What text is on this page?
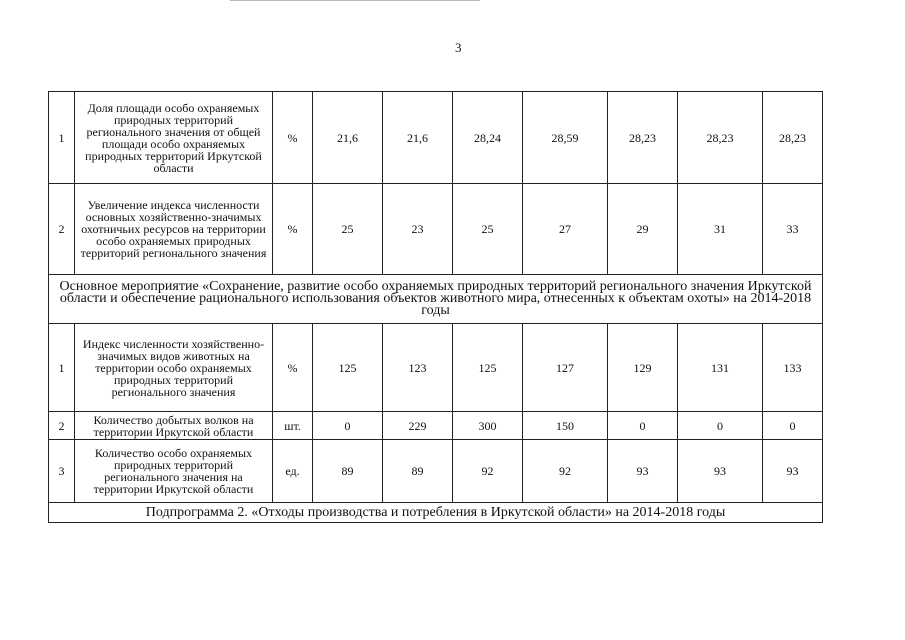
3
1	Доля площади особо охраняемых природных территорий регионального значения от общей площади особо охраняемых природных территорий Иркутской области	%	21,6	21,6	28,24	28,59	28,23	28,23	28,23
2	Увеличение индекса численности основных хозяйственно-значимых охотничьих ресурсов на территории особо охраняемых природных территорий регионального значения	%	25	23	25	27	29	31	33
Основное мероприятие «Сохранение, развитие особо охраняемых природных территорий регионального значения Иркутской области и обеспечение рационального использования объектов животного мира, отнесенных к объектам охоты» на 2014-2018 годы									
1	Индекс численности хозяйственно-значимых видов животных на территории особо охраняемых природных территорий регионального значения	%	125	123	125	127	129	131	133
2	Количество добытых волков на территории Иркутской области	шт.	0	229	300	150	0	0	0
3	Количество особо охраняемых природных территорий регионального значения на территории Иркутской области	ед.	89	89	92	92	93	93	93
Подпрограмма 2. «Отходы производства и потребления в Иркутской области» на 2014-2018 годы									
